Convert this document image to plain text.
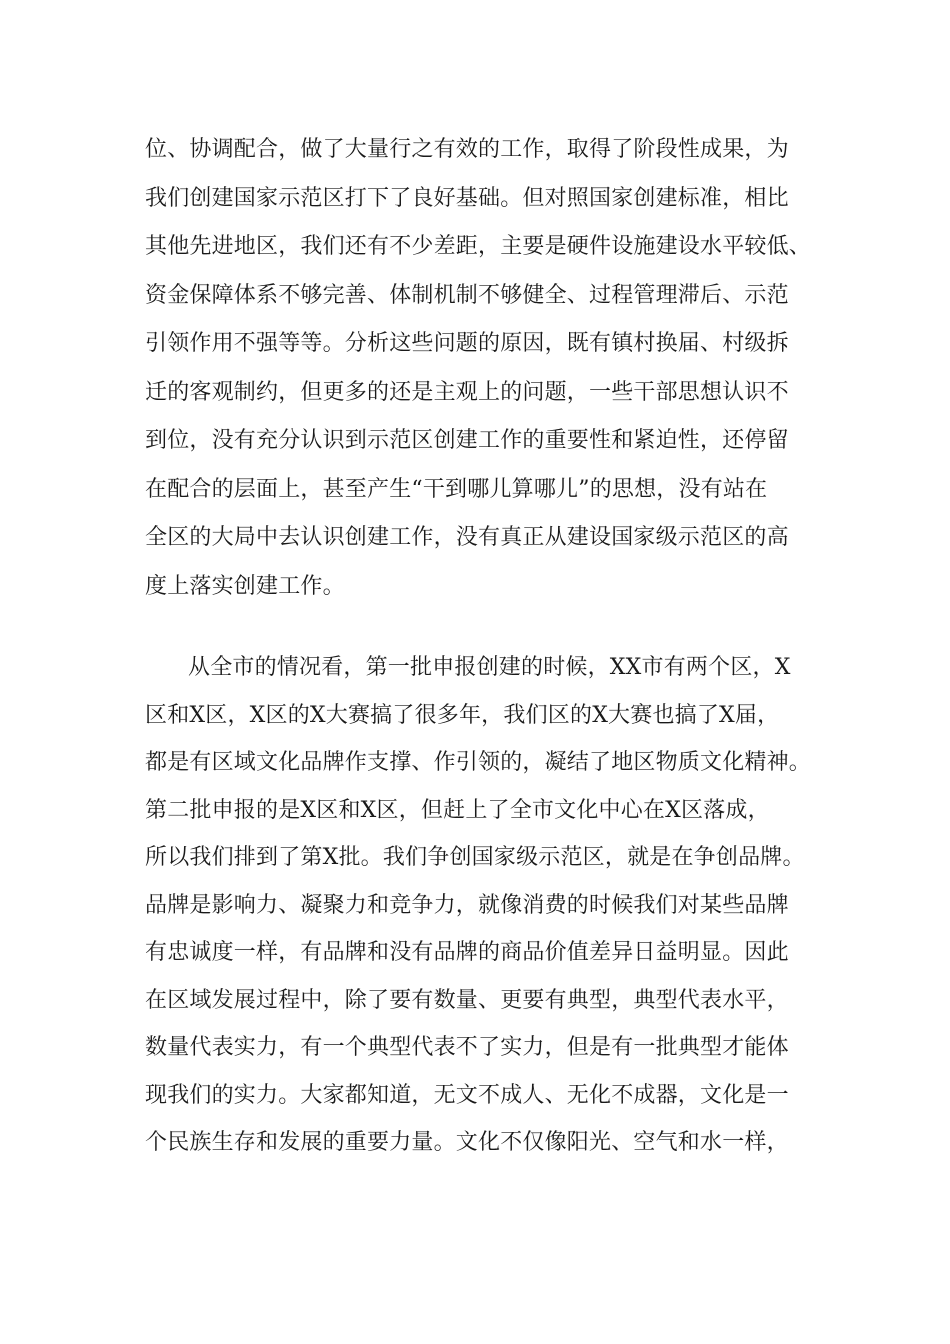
位、协调配合，做了大量行之有效的工作，取得了阶段性成果，为
我们创建国家示范区打下了良好基础。但对照国家创建标准，相比
其他先进地区，我们还有不少差距，主要是硬件设施建设水平较低、
资金保障体系不够完善、体制机制不够健全、过程管理滞后、示范
引领作用不强等等。分析这些问题的原因，既有镇村换届、村级拆
迁的客观制约，但更多的还是主观上的问题，一些干部思想认识不
到位，没有充分认识到示范区创建工作的重要性和紧迫性，还停留
在配合的层面上，甚至产生“干到哪儿算哪儿”的思想，没有站在
全区的大局中去认识创建工作，没有真正从建设国家级示范区的高
度上落实创建工作。
从全市的情况看，第一批申报创建的时候，XX市有两个区，X
区和X区，X区的X大赛搞了很多年，我们区的X大赛也搞了X届，
都是有区域文化品牌作支撑、作引领的，凝结了地区物质文化精神。
第二批申报的是X区和X区，但赶上了全市文化中心在X区落成，
所以我们排到了第X批。我们争创国家级示范区，就是在争创品牌。
品牌是影响力、凝聚力和竞争力，就像消费的时候我们对某些品牌
有忠诚度一样，有品牌和没有品牌的商品价值差异日益明显。因此
在区域发展过程中，除了要有数量、更要有典型，典型代表水平，
数量代表实力，有一个典型代表不了实力，但是有一批典型才能体
现我们的实力。大家都知道，无文不成人、无化不成器，文化是一
个民族生存和发展的重要力量。文化不仅像阳光、空气和水一样，
